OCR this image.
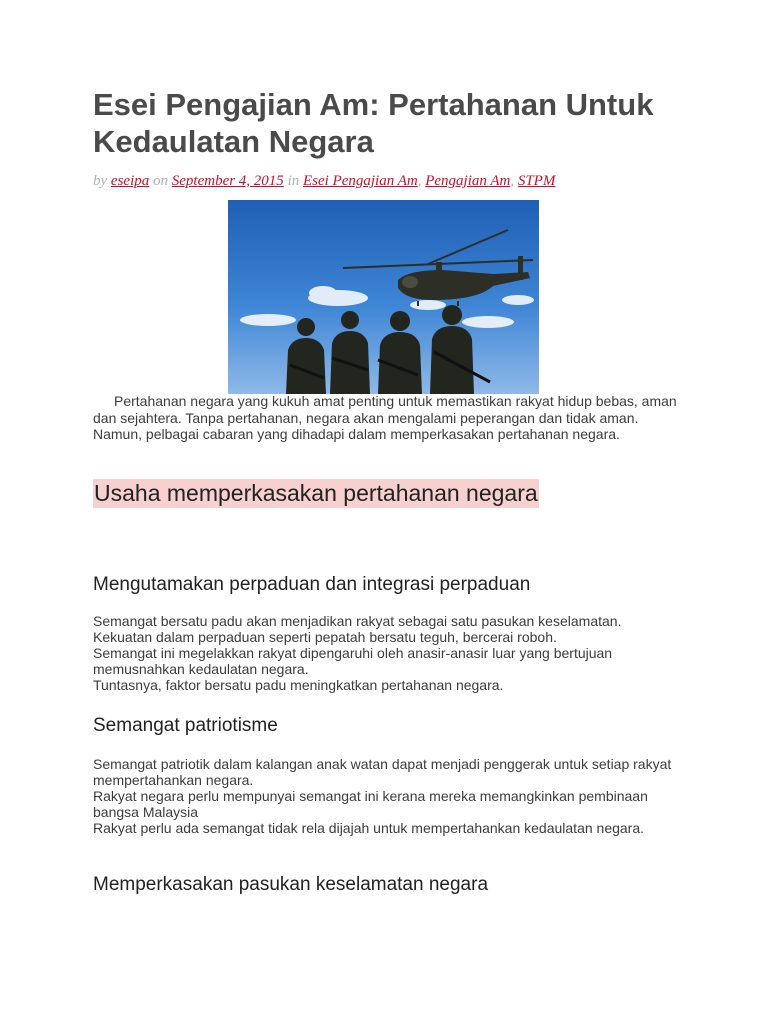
Esei Pengajian Am: Pertahanan Untuk Kedaulatan Negara
by eseipa on September 4, 2015 in Esei Pengajian Am, Pengajian Am, STPM

Pertahanan negara yang kukuh amat penting untuk memastikan rakyat hidup bebas, aman dan sejahtera. Tanpa pertahanan, negara akan mengalami peperangan dan tidak aman. Namun, pelbagai cabaran yang dihadapi dalam memperkasakan pertahanan negara.

Usaha memperkasakan pertahanan negara
Mengutamakan perpaduan dan integrasi perpaduan
Semangat bersatu padu akan menjadikan rakyat sebagai satu pasukan keselamatan.
Kekuatan dalam perpaduan seperti pepatah bersatu teguh, bercerai roboh.
Semangat ini megelakkan rakyat dipengaruhi oleh anasir-anasir luar yang bertujuan memusnahkan kedaulatan negara.
Tuntasnya, faktor bersatu padu meningkatkan pertahanan negara.
Semangat patriotisme
Semangat patriotik dalam kalangan anak watan dapat menjadi penggerak untuk setiap rakyat mempertahankan negara.
Rakyat negara perlu mempunyai semangat ini kerana mereka memangkinkan pembinaan bangsa Malaysia
Rakyat perlu ada semangat tidak rela dijajah untuk mempertahankan kedaulatan negara.
Memperkasakan pasukan keselamatan negara
